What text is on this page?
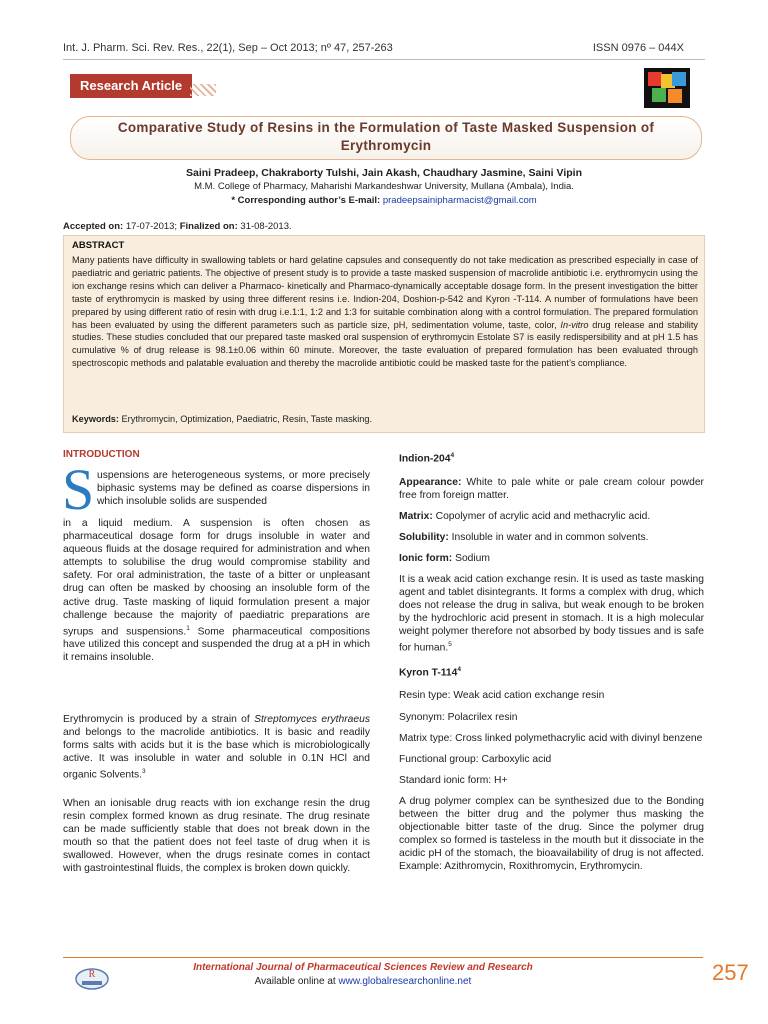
Int. J. Pharm. Sci. Rev. Res., 22(1), Sep – Oct 2013; nº 47, 257-263	ISSN 0976 – 044X
Research Article
Comparative Study of Resins in the Formulation of Taste Masked Suspension of Erythromycin
Saini Pradeep, Chakraborty Tulshi, Jain Akash, Chaudhary Jasmine, Saini Vipin
M.M. College of Pharmacy, Maharishi Markandeshwar University, Mullana (Ambala), India.
* Corresponding author’s E-mail: pradeepsainipharmacist@gmail.com
Accepted on: 17-07-2013; Finalized on: 31-08-2013.
ABSTRACT
Many patients have difficulty in swallowing tablets or hard gelatine capsules and consequently do not take medication as prescribed especially in case of paediatric and geriatric patients. The objective of present study is to provide a taste masked suspension of macrolide antibiotic i.e. erythromycin using the ion exchange resins which can deliver a Pharmaco- kinetically and Pharmaco-dynamically acceptable dosage form. In the present investigation the bitter taste of erythromycin is masked by using three different resins i.e. Indion-204, Doshion-p-542 and Kyron -T-114. A number of formulations have been prepared by using different ratio of resin with drug i.e.1:1, 1:2 and 1:3 for suitable combination along with a control formulation. The prepared formulation has been evaluated by using the different parameters such as particle size, pH, sedimentation volume, taste, color, In-vitro drug release and stability studies. These studies concluded that our prepared taste masked oral suspension of erythromycin Estolate S7 is easily redispersibility and at pH 1.5 has cumulative % of drug release is 98.1±0.06 within 60 minute. Moreover, the taste evaluation of prepared formulation has been evaluated through spectroscopic methods and palatable evaluation and thereby the macrolide antibiotic could be masked taste for the patient’s compliance.
Keywords: Erythromycin, Optimization, Paediatric, Resin, Taste masking.
INTRODUCTION
S uspensions are heterogeneous systems, or more precisely biphasic systems may be defined as coarse dispersions in which insoluble solids are suspended
in a liquid medium. A suspension is often chosen as pharmaceutical dosage form for drugs insoluble in water and aqueous fluids at the dosage required for administration and when attempts to solubilise the drug would compromise stability and safety. For oral administration, the taste of a bitter or unpleasant drug can often be masked by choosing an insoluble form of the active drug. Taste masking of liquid formulation present a major challenge because the majority of paediatric preparations are syrups and suspensions.$^1$ Some pharmaceutical compositions have utilized this concept and suspended the drug at a pH in which it remains insoluble.
Erythromycin is produced by a strain of Streptomyces erythraeus and belongs to the macrolide antibiotics. It is basic and readily forms salts with acids but it is the base which is microbiologically active. It was insoluble in water and soluble in 0.1N HCl and organic Solvents.$^3$
When an ionisable drug reacts with ion exchange resin the drug resin complex formed known as drug resinate. The drug resinate can be made sufficiently stable that does not break down in the mouth so that the patient does not feel taste of drug when it is swallowed. However, when the drugs resinate comes in contact with gastrointestinal fluids, the complex is broken down quickly.

Indion-$204^4$

Appearance: White to pale white or pale cream colour powder free from foreign matter.

Matrix: Copolymer of acrylic acid and methacrylic acid.

Solubility: Insoluble in water and in common solvents.

Ionic form: Sodium

It is a weak acid cation exchange resin. It is used as taste masking agent and tablet disintegrants. It forms a complex with drug, which does not release the drug in saliva, but weak enough to be broken by the hydrochloric acid present in stomach. It is a high molecular weight polymer therefore not absorbed by body tissues and is safe for human.$^5$

Kyron $T-114^4$

Resin type: Weak acid cation exchange resin

Synonym: Polacrilex resin

Matrix type: Cross linked polymethacrylic acid with divinyl benzene

Functional group: Carboxylic acid

Standard ionic form: H+

A drug polymer complex can be synthesized due to the Bonding between the bitter drug and the polymer thus masking the objectionable bitter taste of the drug. Since the polymer drug complex so formed is tasteless in the mouth but it dissociate in the acidic pH of the stomach, the bioavailability of drug is not affected. Example: Azithromycin, Roxithromycin, Erythromycin.

R
International Journal of Pharmaceutical Sciences Review and Research
Available online at www.globalresearchonline.net	257
